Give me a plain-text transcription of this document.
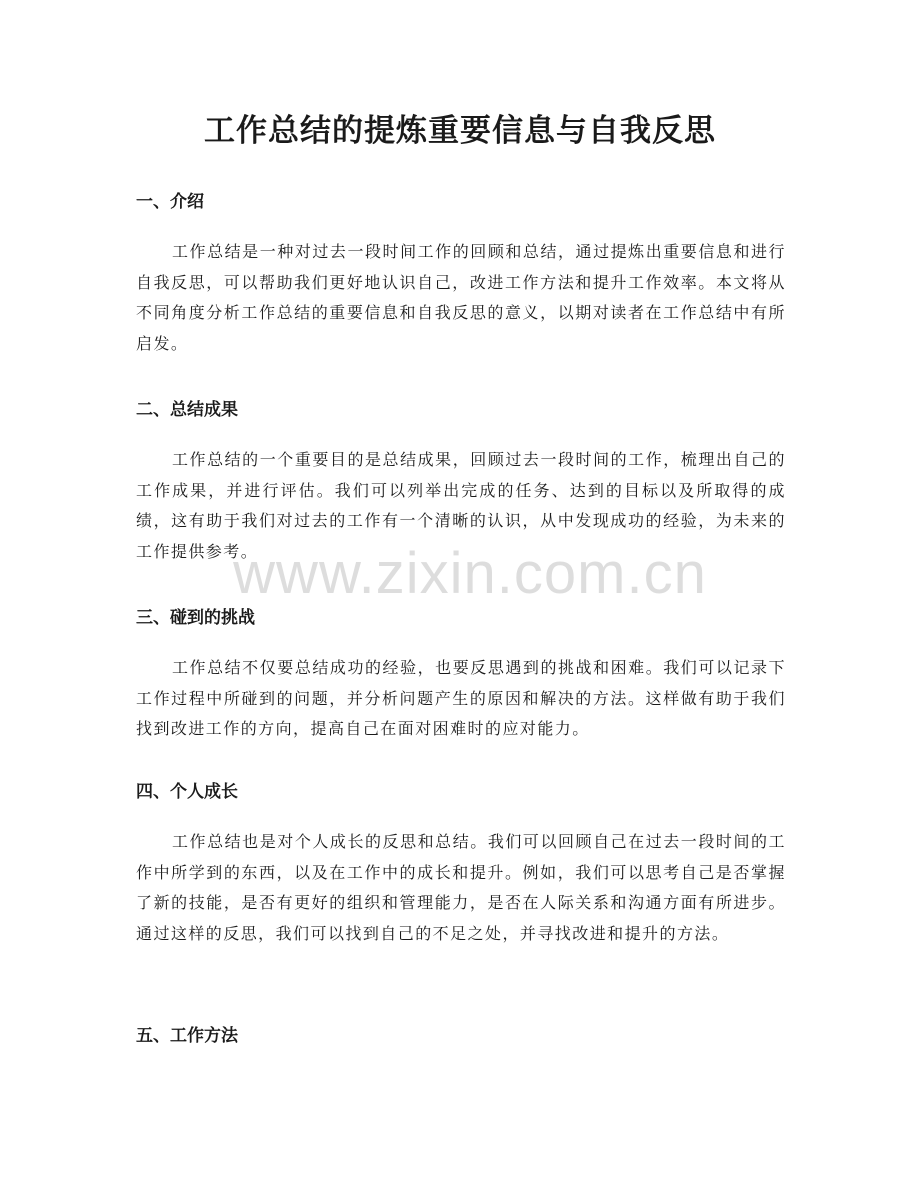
工作总结的提炼重要信息与自我反思
一、介绍

工作总结是一种对过去一段时间工作的回顾和总结，通过提炼出重要信息和进行自我反思，可以帮助我们更好地认识自己，改进工作方法和提升工作效率。本文将从不同角度分析工作总结的重要信息和自我反思的意义，以期对读者在工作总结中有所启发。

二、总结成果

工作总结的一个重要目的是总结成果，回顾过去一段时间的工作，梳理出自己的工作成果，并进行评估。我们可以列举出完成的任务、达到的目标以及所取得的成绩，这有助于我们对过去的工作有一个清晰的认识，从中发现成功的经验，为未来的工作提供参考。

三、碰到的挑战

工作总结不仅要总结成功的经验，也要反思遇到的挑战和困难。我们可以记录下工作过程中所碰到的问题，并分析问题产生的原因和解决的方法。这样做有助于我们找到改进工作的方向，提高自己在面对困难时的应对能力。

四、个人成长

工作总结也是对个人成长的反思和总结。我们可以回顾自己在过去一段时间的工作中所学到的东西，以及在工作中的成长和提升。例如，我们可以思考自己是否掌握了新的技能，是否有更好的组织和管理能力，是否在人际关系和沟通方面有所进步。通过这样的反思，我们可以找到自己的不足之处，并寻找改进和提升的方法。

五、工作方法
www.zixin.com.cn
